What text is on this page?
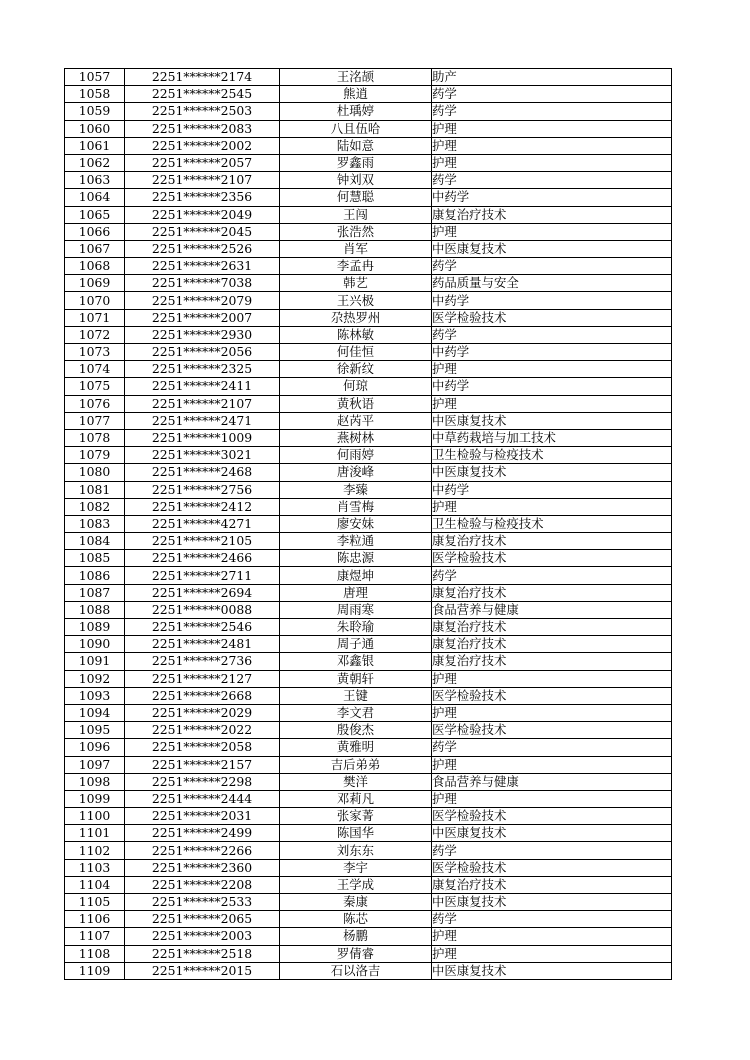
1057	2251******2174	王洺颉	助产
1058	2251******2545	熊逍	药学
1059	2251******2503	杜瑀婷	药学
1060	2251******2083	八且伍哈	护理
1061	2251******2002	陆如意	护理
1062	2251******2057	罗鑫雨	护理
1063	2251******2107	钟刘双	药学
1064	2251******2356	何慧聪	中药学
1065	2251******2049	王闯	康复治疗技术
1066	2251******2045	张浩然	护理
1067	2251******2526	肖军	中医康复技术
1068	2251******2631	李孟冉	药学
1069	2251******7038	韩艺	药品质量与安全
1070	2251******2079	王兴极	中药学
1071	2251******2007	尕热罗州	医学检验技术
1072	2251******2930	陈林敏	药学
1073	2251******2056	何佳恒	中药学
1074	2251******2325	徐新纹	护理
1075	2251******2411	何琼	中药学
1076	2251******2107	黄秋语	护理
1077	2251******2471	赵芮平	中医康复技术
1078	2251******1009	燕树林	中草药栽培与加工技术
1079	2251******3021	何雨婷	卫生检验与检疫技术
1080	2251******2468	唐浚峰	中医康复技术
1081	2251******2756	李臻	中药学
1082	2251******2412	肖雪梅	护理
1083	2251******4271	廖安妹	卫生检验与检疫技术
1084	2251******2105	李粒通	康复治疗技术
1085	2251******2466	陈忠源	医学检验技术
1086	2251******2711	康煜坤	药学
1087	2251******2694	唐理	康复治疗技术
1088	2251******0088	周雨寒	食品营养与健康
1089	2251******2546	朱聆瑜	康复治疗技术
1090	2251******2481	周子通	康复治疗技术
1091	2251******2736	邓鑫银	康复治疗技术
1092	2251******2127	黄朝轩	护理
1093	2251******2668	王键	医学检验技术
1094	2251******2029	李文君	护理
1095	2251******2022	殷俊杰	医学检验技术
1096	2251******2058	黄雅明	药学
1097	2251******2157	吉后弟弟	护理
1098	2251******2298	樊洋	食品营养与健康
1099	2251******2444	邓莉凡	护理
1100	2251******2031	张家菁	医学检验技术
1101	2251******2499	陈国华	中医康复技术
1102	2251******2266	刘东东	药学
1103	2251******2360	李宇	医学检验技术
1104	2251******2208	王学成	康复治疗技术
1105	2251******2533	秦康	中医康复技术
1106	2251******2065	陈芯	药学
1107	2251******2003	杨鹏	护理
1108	2251******2518	罗倩睿	护理
1109	2251******2015	石以洛吉	中医康复技术
